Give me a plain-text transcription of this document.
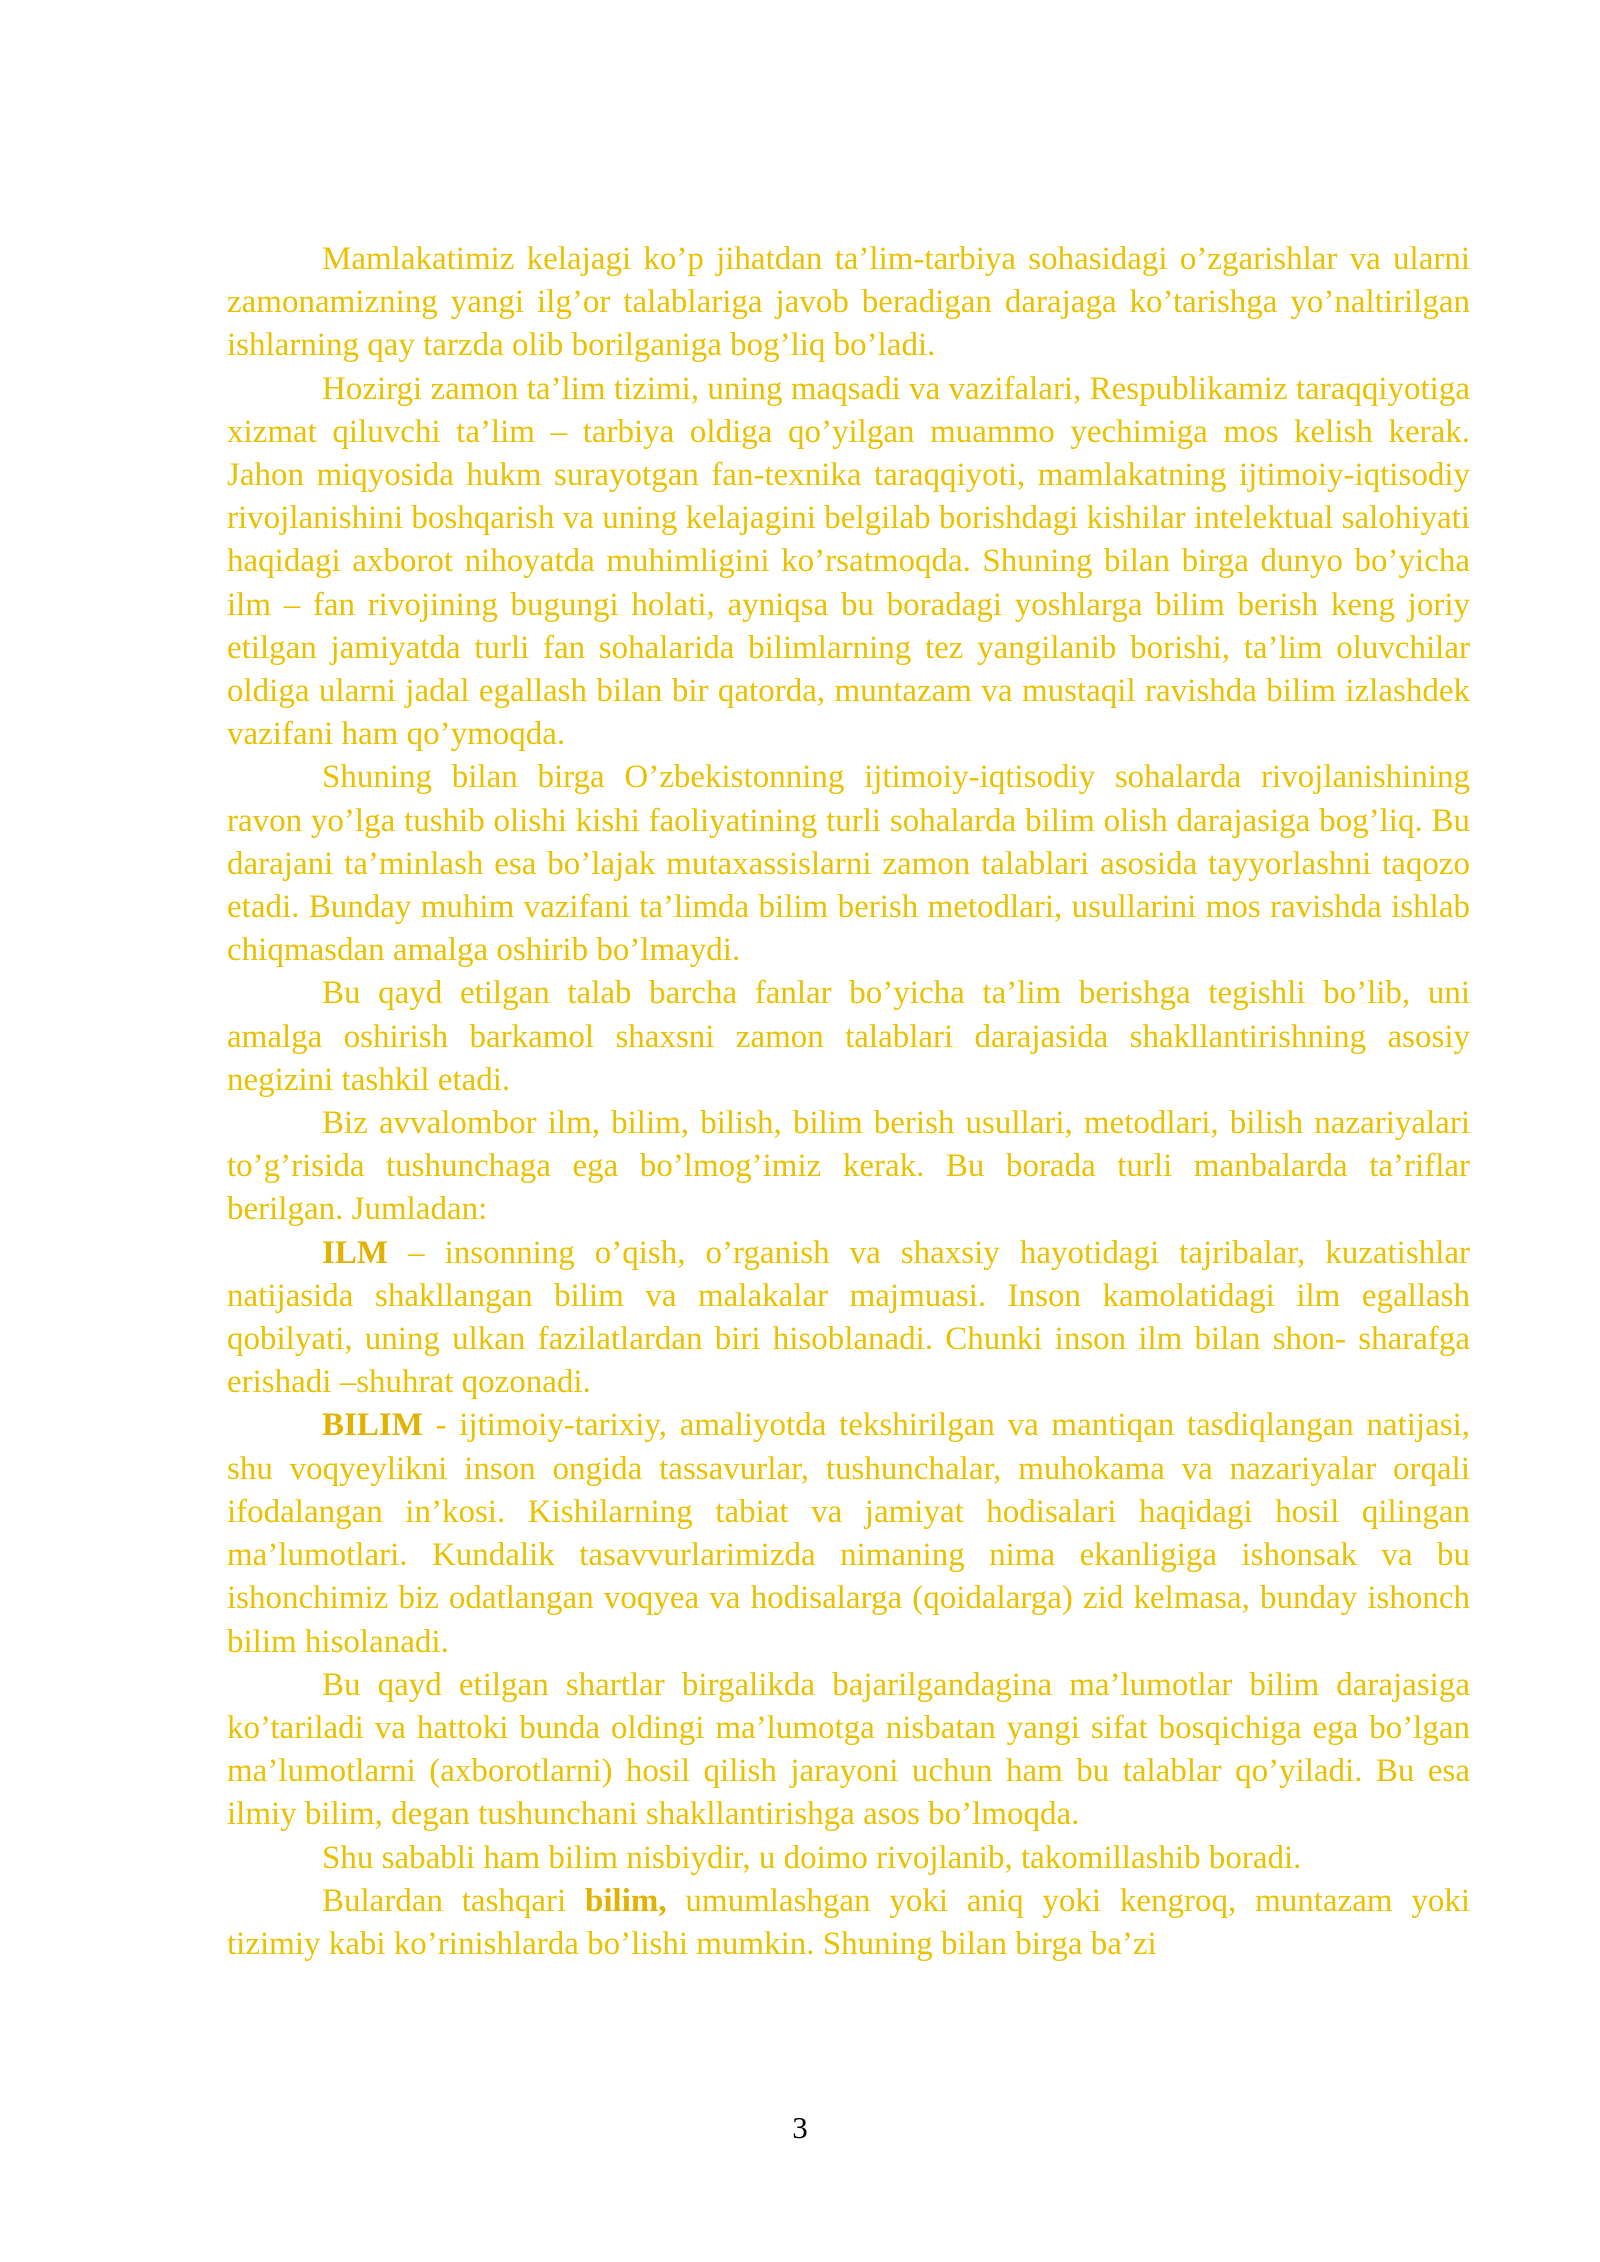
Mamlakatimiz kelajagi ko’p jihatdan ta’lim-tarbiya sohasidagi o’zgarishlar va ularni zamonamizning yangi ilg’or talablariga javob beradigan darajaga ko’tarishga yo’naltirilgan ishlarning qay tarzda olib borilganiga bog’liq bo’ladi.

Hozirgi zamon ta’lim tizimi, uning maqsadi va vazifalari, Respublikamiz taraqqiyotiga xizmat qiluvchi ta’lim – tarbiya oldiga qo’yilgan muammo yechimiga mos kelish kerak. Jahon miqyosida hukm surayotgan fan-texnika taraqqiyoti, mamlakatning ijtimoiy-iqtisodiy rivojlanishini boshqarish va uning kelajagini belgilab borishdagi kishilar intelektual salohiyati haqidagi axborot nihoyatda muhimligini ko’rsatmoqda. Shuning bilan birga dunyo bo’yicha ilm – fan rivojining bugungi holati, ayniqsa bu boradagi yoshlarga bilim berish keng joriy etilgan jamiyatda turli fan sohalarida bilimlarning tez yangilanib borishi, ta’lim oluvchilar oldiga ularni jadal egallash bilan bir qatorda, muntazam va mustaqil ravishda bilim izlashdek vazifani ham qo’ymoqda.

Shuning bilan birga O’zbekistonning ijtimoiy-iqtisodiy sohalarda rivojlanishining ravon yo’lga tushib olishi kishi faoliyatining turli sohalarda bilim olish darajasiga bog’liq. Bu darajani ta’minlash esa bo’lajak mutaxassislarni zamon talablari asosida tayyorlashni taqozo etadi. Bunday muhim vazifani ta’limda bilim berish metodlari, usullarini mos ravishda ishlab chiqmasdan amalga oshirib bo’lmaydi.

Bu qayd etilgan talab barcha fanlar bo’yicha ta’lim berishga tegishli bo’lib, uni amalga oshirish barkamol shaxsni zamon talablari darajasida shakllantirishning asosiy negizini tashkil etadi.

Biz avvalombor ilm, bilim, bilish, bilim berish usullari, metodlari, bilish nazariyalari to’g’risida tushunchaga ega bo’lmog’imiz kerak. Bu borada turli manbalarda ta’riflar berilgan. Jumladan:

ILM – insonning o’qish, o’rganish va shaxsiy hayotidagi tajribalar, kuzatishlar natijasida shakllangan bilim va malakalar majmuasi. Inson kamolatidagi ilm egallash qobilyati, uning ulkan fazilatlardan biri hisoblanadi. Chunki inson ilm bilan shon- sharafga erishadi –shuhrat qozonadi.

BILIM - ijtimoiy-tarixiy, amaliyotda tekshirilgan va mantiqan tasdiqlangan natijasi, shu voqyeylikni inson ongida tassavurlar, tushunchalar, muhokama va nazariyalar orqali ifodalangan in’kosi. Kishilarning tabiat va jamiyat hodisalari haqidagi hosil qilingan ma’lumotlari. Kundalik tasavvurlarimizda nimaning nima ekanligiga ishonsak va bu ishonchimiz biz odatlangan voqyea va hodisalarga (qoidalarga) zid kelmasa, bunday ishonch bilim hisolanadi.

Bu qayd etilgan shartlar birgalikda bajarilgandagina ma’lumotlar bilim darajasiga ko’tariladi va hattoki bunda oldingi ma’lumotga nisbatan yangi sifat bosqichiga ega bo’lgan ma’lumotlarni (axborotlarni) hosil qilish jarayoni uchun ham bu talablar qo’yiladi. Bu esa ilmiy bilim, degan tushunchani shakllantirishga asos bo’lmoqda.

Shu sababli ham bilim nisbiydir, u doimo rivojlanib, takomillashib boradi.

Bulardan tashqari bilim, umumlashgan yoki aniq yoki kengroq, muntazam yoki tizimiy kabi ko’rinishlarda bo’lishi mumkin. Shuning bilan birga ba’zi

3
